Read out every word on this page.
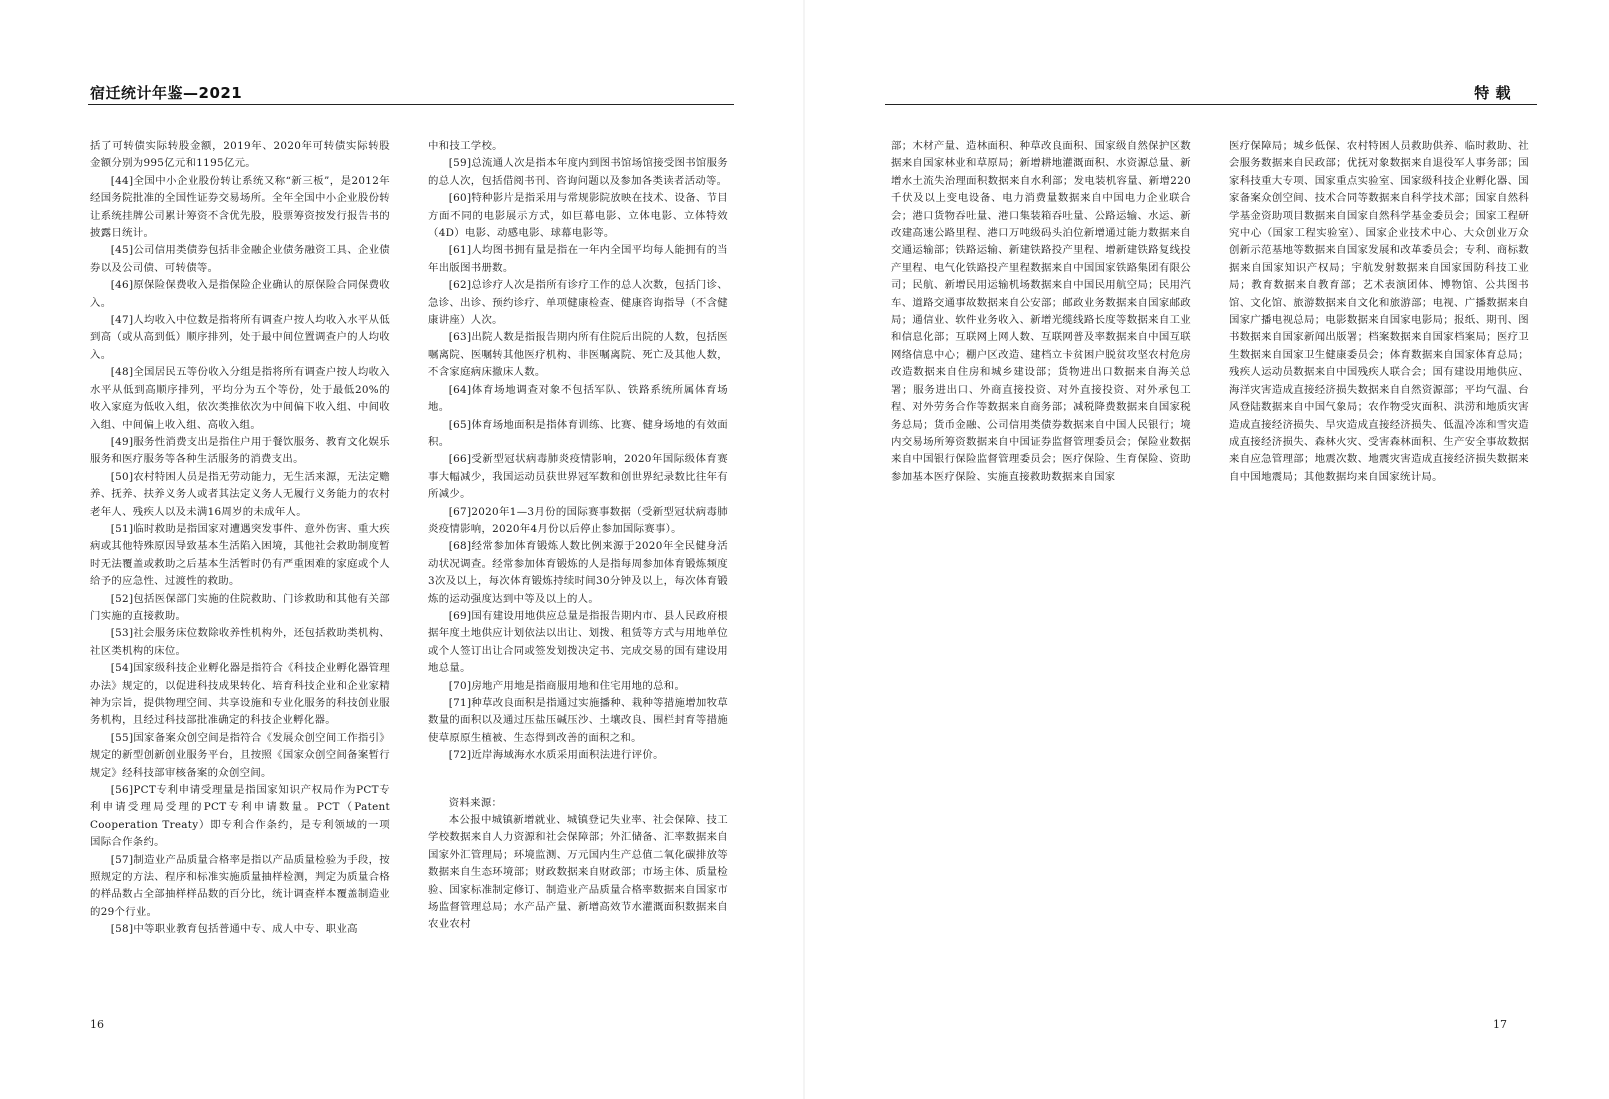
宿迁统计年鉴—2021

括了可转债实际转股金额，2019年、2020年可转债实际转股金额分别为995亿元和1195亿元。

[44]全国中小企业股份转让系统又称“新三板”，是2012年经国务院批准的全国性证券交易场所。全年全国中小企业股份转让系统挂牌公司累计筹资不含优先股，股票筹资按发行报告书的披露日统计。

[45]公司信用类债券包括非金融企业债务融资工具、企业债券以及公司债、可转债等。

[46]原保险保费收入是指保险企业确认的原保险合同保费收入。

[47]人均收入中位数是指将所有调查户按人均收入水平从低到高（或从高到低）顺序排列，处于最中间位置调查户的人均收入。

[48]全国居民五等份收入分组是指将所有调查户按人均收入水平从低到高顺序排列，平均分为五个等份，处于最低20%的收入家庭为低收入组，依次类推依次为中间偏下收入组、中间收入组、中间偏上收入组、高收入组。

[49]服务性消费支出是指住户用于餐饮服务、教育文化娱乐服务和医疗服务等各种生活服务的消费支出。

[50]农村特困人员是指无劳动能力，无生活来源，无法定赡养、抚养、扶养义务人或者其法定义务人无履行义务能力的农村老年人、残疾人以及未满16周岁的未成年人。

[51]临时救助是指国家对遭遇突发事件、意外伤害、重大疾病或其他特殊原因导致基本生活陷入困境，其他社会救助制度暂时无法覆盖或救助之后基本生活暂时仍有严重困难的家庭或个人给予的应急性、过渡性的救助。

[52]包括医保部门实施的住院救助、门诊救助和其他有关部门实施的直接救助。

[53]社会服务床位数除收养性机构外，还包括救助类机构、社区类机构的床位。

[54]国家级科技企业孵化器是指符合《科技企业孵化器管理办法》规定的，以促进科技成果转化、培育科技企业和企业家精神为宗旨，提供物理空间、共享设施和专业化服务的科技创业服务机构，且经过科技部批准确定的科技企业孵化器。

[55]国家备案众创空间是指符合《发展众创空间工作指引》规定的新型创新创业服务平台，且按照《国家众创空间备案暂行规定》经科技部审核备案的众创空间。

[56]PCT专利申请受理量是指国家知识产权局作为PCT专利申请受理局受理的PCT专利申请数量。PCT（Patent Cooperation Treaty）即专利合作条约，是专利领域的一项国际合作条约。

[57]制造业产品质量合格率是指以产品质量检验为手段，按照规定的方法、程序和标准实施质量抽样检测，判定为质量合格的样品数占全部抽样样品数的百分比，统计调查样本覆盖制造业的29个行业。

[58]中等职业教育包括普通中专、成人中专、职业高

中和技工学校。

[59]总流通人次是指本年度内到图书馆场馆接受图书馆服务的总人次，包括借阅书刊、咨询问题以及参加各类读者活动等。

[60]特种影片是指采用与常规影院放映在技术、设备、节目方面不同的电影展示方式，如巨幕电影、立体电影、立体特效（4D）电影、动感电影、球幕电影等。

[61]人均图书拥有量是指在一年内全国平均每人能拥有的当年出版图书册数。

[62]总诊疗人次是指所有诊疗工作的总人次数，包括门诊、急诊、出诊、预约诊疗、单项健康检查、健康咨询指导（不含健康讲座）人次。

[63]出院人数是指报告期内所有住院后出院的人数，包括医嘱离院、医嘱转其他医疗机构、非医嘱离院、死亡及其他人数，不含家庭病床撤床人数。

[64]体育场地调查对象不包括军队、铁路系统所属体育场地。

[65]体育场地面积是指体育训练、比赛、健身场地的有效面积。

[66]受新型冠状病毒肺炎疫情影响，2020年国际级体育赛事大幅减少，我国运动员获世界冠军数和创世界纪录数比往年有所减少。

[67]2020年1—3月份的国际赛事数据（受新型冠状病毒肺炎疫情影响，2020年4月份以后停止参加国际赛事）。

[68]经常参加体育锻炼人数比例来源于2020年全民健身活动状况调查。经常参加体育锻炼的人是指每周参加体育锻炼频度3次及以上，每次体育锻炼持续时间30分钟及以上，每次体育锻炼的运动强度达到中等及以上的人。

[69]国有建设用地供应总量是指报告期内市、县人民政府根据年度土地供应计划依法以出让、划拨、租赁等方式与用地单位或个人签订出让合同或签发划拨决定书、完成交易的国有建设用地总量。

[70]房地产用地是指商服用地和住宅用地的总和。

[71]种草改良面积是指通过实施播种、栽种等措施增加牧草数量的面积以及通过压盐压碱压沙、土壤改良、围栏封育等措施使草原原生植被、生态得到改善的面积之和。

[72]近岸海域海水水质采用面积法进行评价。

资料来源：

本公报中城镇新增就业、城镇登记失业率、社会保障、技工学校数据来自人力资源和社会保障部；外汇储备、汇率数据来自国家外汇管理局；环境监测、万元国内生产总值二氧化碳排放等数据来自生态环境部；财政数据来自财政部；市场主体、质量检验、国家标准制定修订、制造业产品质量合格率数据来自国家市场监督管理总局；水产品产量、新增高效节水灌溉面积数据来自农业农村

16
特 载

部；木材产量、造林面积、种草改良面积、国家级自然保护区数据来自国家林业和草原局；新增耕地灌溉面积、水资源总量、新增水土流失治理面积数据来自水利部；发电装机容量、新增220千伏及以上变电设备、电力消费量数据来自中国电力企业联合会；港口货物吞吐量、港口集装箱吞吐量、公路运输、水运、新改建高速公路里程、港口万吨级码头泊位新增通过能力数据来自交通运输部；铁路运输、新建铁路投产里程、增新建铁路复线投产里程、电气化铁路投产里程数据来自中国国家铁路集团有限公司；民航、新增民用运输机场数据来自中国民用航空局；民用汽车、道路交通事故数据来自公安部；邮政业务数据来自国家邮政局；通信业、软件业务收入、新增光缆线路长度等数据来自工业和信息化部；互联网上网人数、互联网普及率数据来自中国互联网络信息中心；棚户区改造、建档立卡贫困户脱贫攻坚农村危房改造数据来自住房和城乡建设部；货物进出口数据来自海关总署；服务进出口、外商直接投资、对外直接投资、对外承包工程、对外劳务合作等数据来自商务部；减税降费数据来自国家税务总局；货币金融、公司信用类债券数据来自中国人民银行；境内交易场所筹资数据来自中国证券监督管理委员会；保险业数据来自中国银行保险监督管理委员会；医疗保险、生育保险、资助参加基本医疗保险、实施直接救助数据来自国家

医疗保障局；城乡低保、农村特困人员救助供养、临时救助、社会服务数据来自民政部；优抚对象数据来自退役军人事务部；国家科技重大专项、国家重点实验室、国家级科技企业孵化器、国家备案众创空间、技术合同等数据来自科学技术部；国家自然科学基金资助项目数据来自国家自然科学基金委员会；国家工程研究中心（国家工程实验室）、国家企业技术中心、大众创业万众创新示范基地等数据来自国家发展和改革委员会；专利、商标数据来自国家知识产权局；宇航发射数据来自国家国防科技工业局；教育数据来自教育部；艺术表演团体、博物馆、公共图书馆、文化馆、旅游数据来自文化和旅游部；电视、广播数据来自国家广播电视总局；电影数据来自国家电影局；报纸、期刊、图书数据来自国家新闻出版署；档案数据来自国家档案局；医疗卫生数据来自国家卫生健康委员会；体育数据来自国家体育总局；残疾人运动员数据来自中国残疾人联合会；国有建设用地供应、海洋灾害造成直接经济损失数据来自自然资源部；平均气温、台风登陆数据来自中国气象局；农作物受灾面积、洪涝和地质灾害造成直接经济损失、旱灾造成直接经济损失、低温冷冻和雪灾造成直接经济损失、森林火灾、受害森林面积、生产安全事故数据来自应急管理部；地震次数、地震灾害造成直接经济损失数据来自中国地震局；其他数据均来自国家统计局。

17
